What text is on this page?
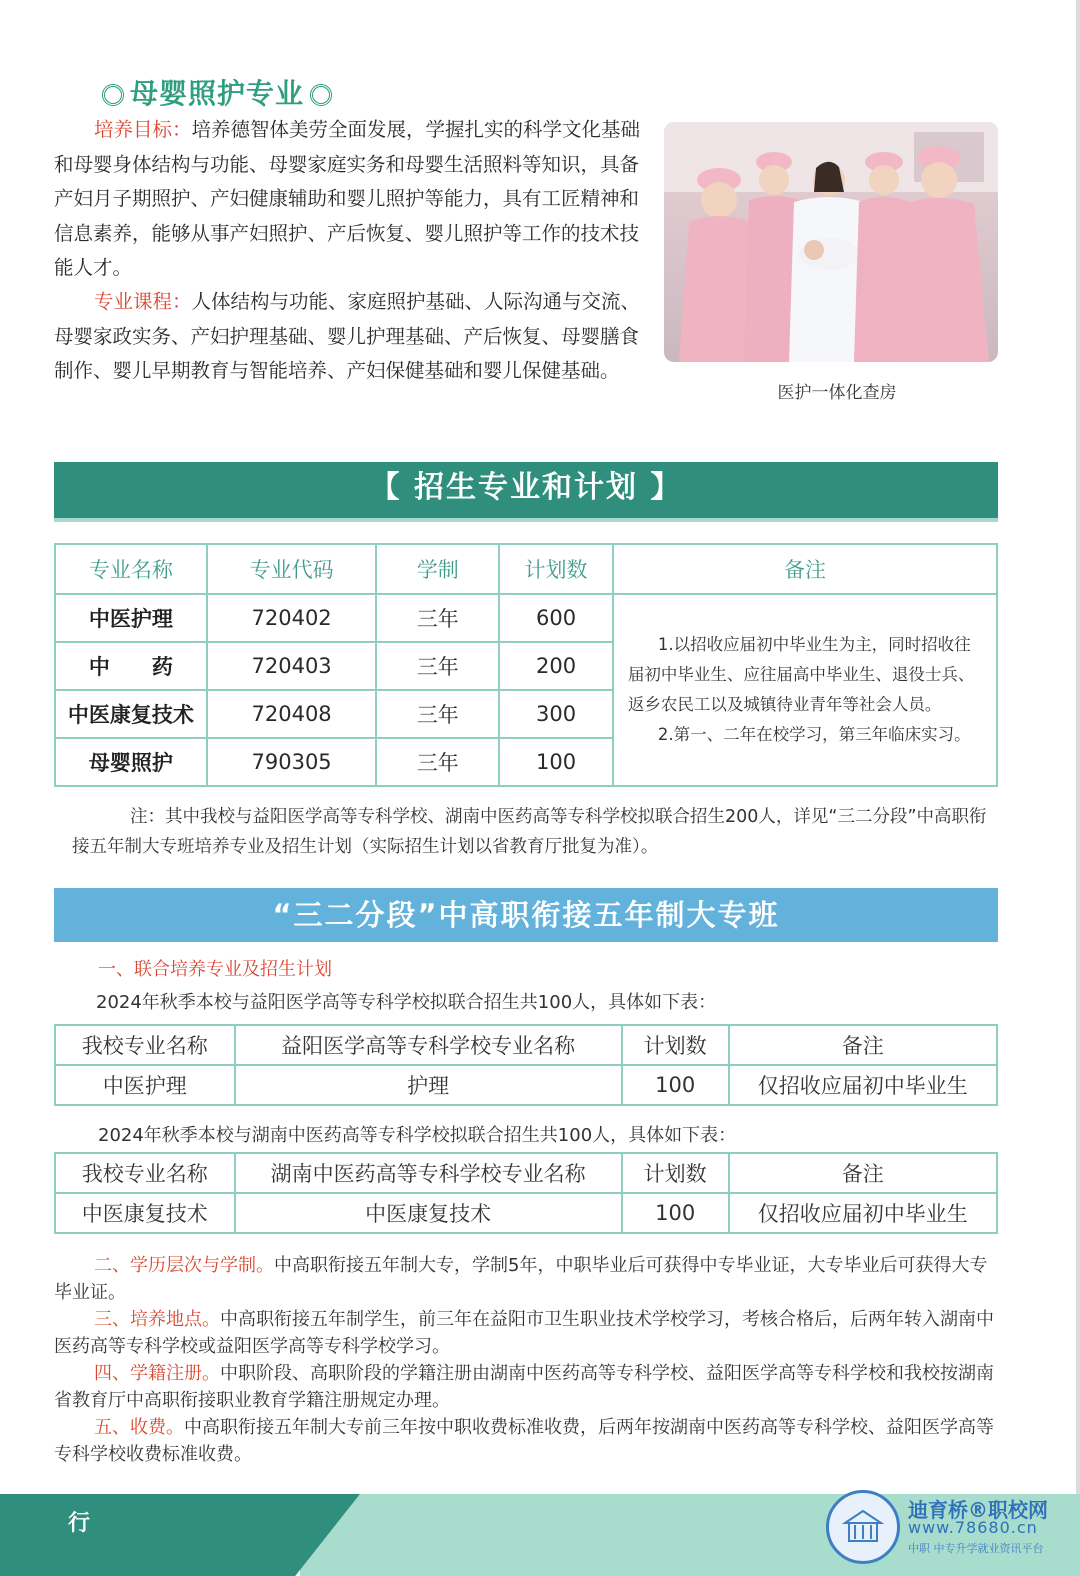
母婴照护专业
培养目标：培养德智体美劳全面发展，学握扎实的科学文化基础和母婴身体结构与功能、母婴家庭实务和母婴生活照料等知识，具备产妇月子期照护、产妇健康辅助和婴儿照护等能力，具有工匠精神和信息素养，能够从事产妇照护、产后恢复、婴儿照护等工作的技术技能人才。
专业课程：人体结构与功能、家庭照护基础、人际沟通与交流、母婴家政实务、产妇护理基础、婴儿护理基础、产后恢复、母婴膳食制作、婴儿早期教育与智能培养、产妇保健基础和婴儿保健基础。
医护一体化查房
【 招生专业和计划 】
专业名称	专业代码	学制	计划数	备注
中医护理	720402	三年	600	1.以招收应届初中毕业生为主，同时招收往届初中毕业生、应往届高中毕业生、退役士兵、返乡农民工以及城镇待业青年等社会人员。
2.第一、二年在校学习，第三年临床实习。

中　　药	720403	三年	200	
中医康复技术	720408	三年	300	
母婴照护	790305	三年	100	
注：其中我校与益阳医学高等专科学校、湖南中医药高等专科学校拟联合招生200人，详见“三二分段”中高职衔接五年制大专班培养专业及招生计划（实际招生计划以省教育厅批复为准）。
“三二分段”中高职衔接五年制大专班
一、联合培养专业及招生计划
2024年秋季本校与益阳医学高等专科学校拟联合招生共100人，具体如下表：
我校专业名称	益阳医学高等专科学校专业名称	计划数	备注
中医护理	护理	100	仅招收应届初中毕业生
2024年秋季本校与湖南中医药高等专科学校拟联合招生共100人，具体如下表：
我校专业名称	湖南中医药高等专科学校专业名称	计划数	备注
中医康复技术	中医康复技术	100	仅招收应届初中毕业生
二、学历层次与学制。中高职衔接五年制大专，学制5年，中职毕业后可获得中专毕业证，大专毕业后可获得大专毕业证。
三、培养地点。中高职衔接五年制学生，前三年在益阳市卫生职业技术学校学习，考核合格后，后两年转入湖南中医药高等专科学校或益阳医学高等专科学校学习。
四、学籍注册。中职阶段、高职阶段的学籍注册由湖南中医药高等专科学校、益阳医学高等专科学校和我校按湖南省教育厅中高职衔接职业教育学籍注册规定办理。
五、收费。中高职衔接五年制大专前三年按中职收费标准收费，后两年按湖南中医药高等专科学校、益阳医学高等专科学校收费标准收费。
行
迪育桥®职校网
www.78680.cn
中职 中专升学就业资讯平台
